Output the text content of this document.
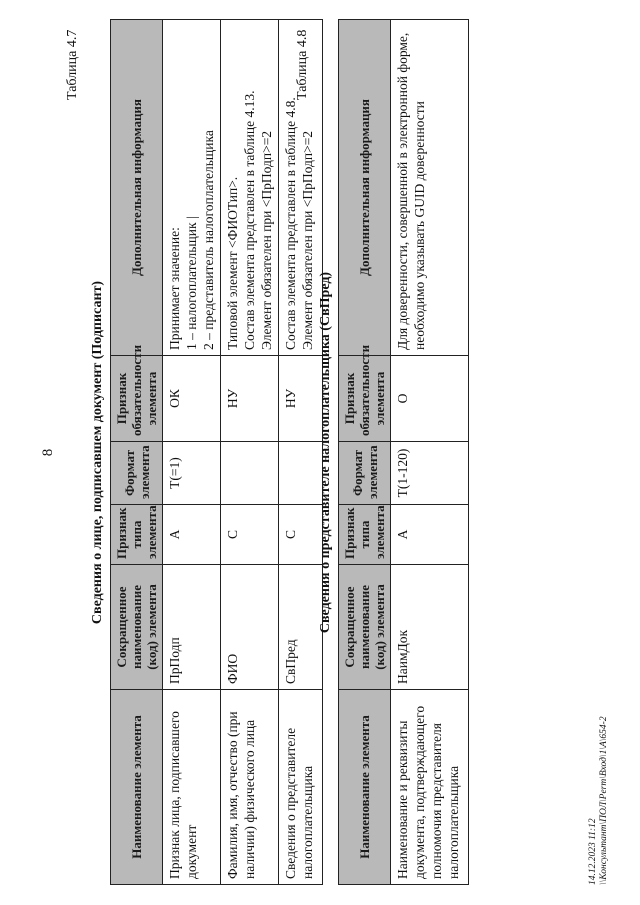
8
Таблица 4.7
Сведения о лице, подписавшем документ (Подписант)
Наименование элемента	Сокращенное наименование (код) элемента	Признак типа элемента	Формат элемента	Признак обязательности элемента	Дополнительная информация
Признак лица, подписавшего документ	ПрПодп	А	Т(=1)	ОК	Принимает значение: 1 – налогоплательщик | 2 – представитель налогоплательщика

Фамилия, имя, отчество (при наличии) физического лица	ФИО	С		НУ	Типовой элемент <ФИОТип>. Состав элемента представлен в таблице 4.13. Элемент обязателен при <ПрПодп>=2

Сведения о представителе налогоплательщика	СвПред	С		НУ	Состав элемента представлен в таблице 4.8. Элемент обязателен при <ПрПодп>=2
Таблица 4.8
Сведения о представителе налогоплательщика (СвПред)
Наименование элемента	Сокращенное наименование (код) элемента	Признак типа элемента	Формат элемента	Признак обязательности элемента	Дополнительная информация
Наименование и реквизиты документа, подтверждающего полномочия представителя налогоплательщика	НаимДок	А	Т(1-120)	О	Для доверенности, совершенной в электронной форме, необходимо указывать GUID доверенности
14.12.2023 11:12 \\Консультант\ПОЛ\Perm\Вход\1\A\654-2
